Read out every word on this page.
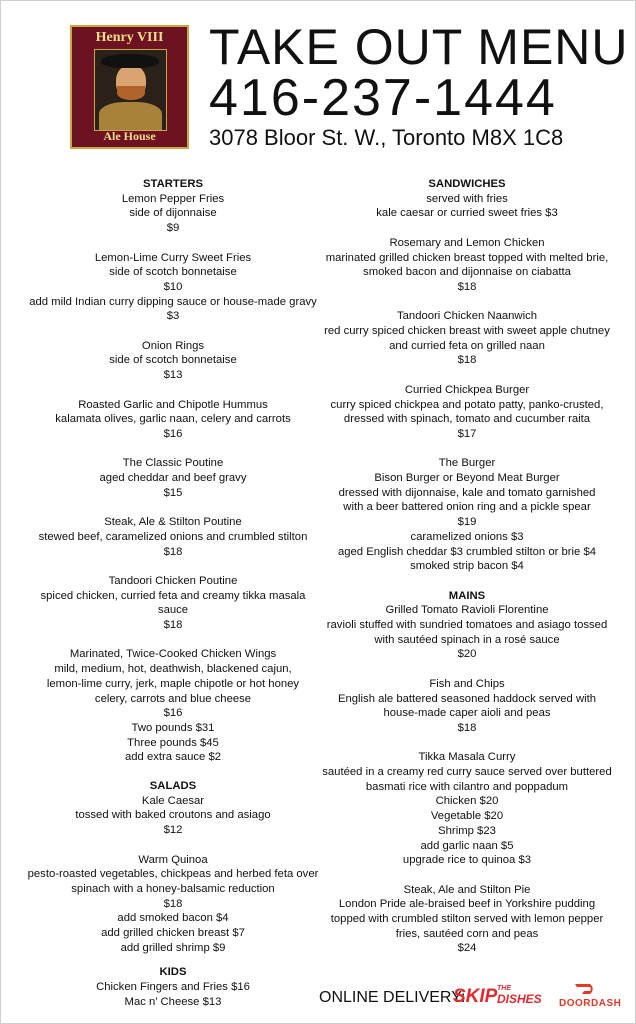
Henry VIII
Ale House
TAKE OUT MENU
416-237-1444
3078 Bloor St. W., Toronto M8X 1C8
STARTERS
Lemon Pepper Fries
side of dijonnaise
$9
Lemon-Lime Curry Sweet Fries
side of scotch bonnetaise
$10
add mild Indian curry dipping sauce or house-made gravy
$3
Onion Rings
side of scotch bonnetaise
$13
Roasted Garlic and Chipotle Hummus
kalamata olives, garlic naan, celery and carrots
$16
The Classic Poutine
aged cheddar and beef gravy
$15
Steak, Ale & Stilton Poutine
stewed beef, caramelized onions and crumbled stilton
$18
Tandoori Chicken Poutine
spiced chicken, curried feta and creamy tikka masala sauce
$18
Marinated, Twice-Cooked Chicken Wings
mild, medium, hot, deathwish, blackened cajun,
lemon-lime curry, jerk, maple chipotle or hot honey
celery, carrots and blue cheese
$16
Two pounds $31
Three pounds $45
add extra sauce $2
SALADS
Kale Caesar
tossed with baked croutons and asiago
$12
Warm Quinoa
pesto-roasted vegetables, chickpeas and herbed feta over
spinach with a honey-balsamic reduction
$18
add smoked bacon $4
add grilled chicken breast $7
add grilled shrimp $9
KIDS
Chicken Fingers and Fries $16
Mac n’ Cheese $13
SANDWICHES
served with fries
kale caesar or curried sweet fries $3
Rosemary and Lemon Chicken
marinated grilled chicken breast topped with melted brie,
smoked bacon and dijonnaise on ciabatta
$18
Tandoori Chicken Naanwich
red curry spiced chicken breast with sweet apple chutney
and curried feta on grilled naan
$18
Curried Chickpea Burger
curry spiced chickpea and potato patty, panko-crusted,
dressed with spinach, tomato and cucumber raita
$17
The Burger
Bison Burger or Beyond Meat Burger
dressed with dijonnaise, kale and tomato garnished
with a beer battered onion ring and a pickle spear
$19
caramelized onions $3
aged English cheddar $3 crumbled stilton or brie $4
smoked strip bacon $4
MAINS
Grilled Tomato Ravioli Florentine
ravioli stuffed with sundried tomatoes and asiago tossed
with sautéed spinach in a rosé sauce
$20
Fish and Chips
English ale battered seasoned haddock served with
house-made caper aioli and peas
$18
Tikka Masala Curry
sautéed in a creamy red curry sauce served over buttered
basmati rice with cilantro and poppadum
Chicken $20
Vegetable $20
Shrimp $23
add garlic naan $5
upgrade rice to quinoa $3
Steak, Ale and Stilton Pie
London Pride ale-braised beef in Yorkshire pudding
topped with crumbled stilton served with lemon pepper
fries, sautéed corn and peas
$24
ONLINE DELIVERY:
SKIP THE
DISHES DOORDASH
